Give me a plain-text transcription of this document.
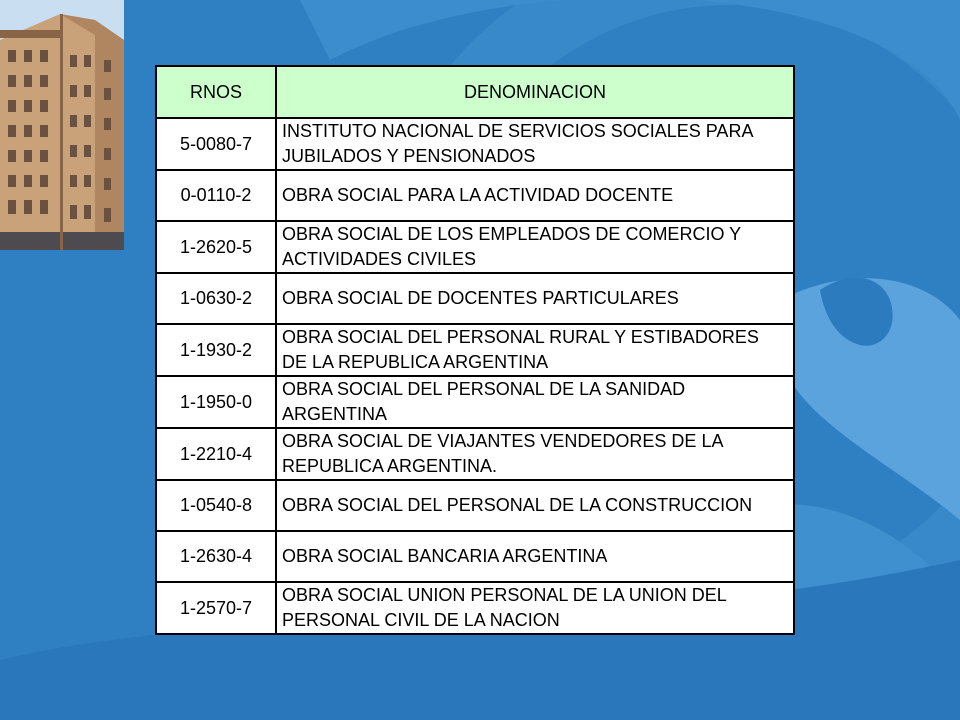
RNOS	DENOMINACION
5-0080-7	INSTITUTO NACIONAL DE SERVICIOS SOCIALES PARA JUBILADOS Y PENSIONADOS
0-0110-2	OBRA SOCIAL PARA LA ACTIVIDAD DOCENTE
1-2620-5	OBRA SOCIAL DE LOS EMPLEADOS DE COMERCIO Y ACTIVIDADES CIVILES
1-0630-2	OBRA SOCIAL DE DOCENTES PARTICULARES
1-1930-2	OBRA SOCIAL DEL PERSONAL RURAL Y ESTIBADORES DE LA REPUBLICA ARGENTINA
1-1950-0	OBRA SOCIAL DEL PERSONAL DE LA SANIDAD ARGENTINA
1-2210-4	OBRA SOCIAL DE VIAJANTES VENDEDORES DE LA REPUBLICA ARGENTINA.
1-0540-8	OBRA SOCIAL DEL PERSONAL DE LA CONSTRUCCION
1-2630-4	OBRA SOCIAL BANCARIA ARGENTINA
1-2570-7	OBRA SOCIAL UNION PERSONAL DE LA UNION DEL PERSONAL CIVIL DE LA NACION
